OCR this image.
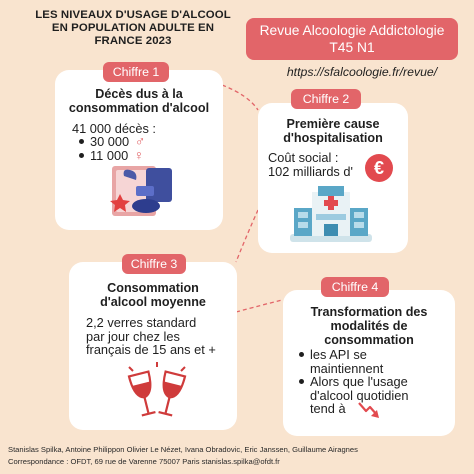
LES NIVEAUX D'USAGE D'ALCOOL
EN POPULATION ADULTE EN
FRANCE 2023
Revue Alcoologie Addictologie
T45 N1
https://sfalcoologie.fr/revue/
Chiffre 1
Décès dus à la
consommation d'alcool
41 000 décès :
30 000 ♂
11 000 ♀
Chiffre 2
Première cause
d'hospitalisation
Coût social :
102 milliards d' €
Chiffre 3
Consommation
d'alcool moyenne
2,2 verres standard
par jour chez les
français de 15 ans et +
Chiffre 4
Transformation des
modalités de
consommation
les API se
maintiennent
Alors que l'usage
d'alcool quotidien
tend à
Stanislas Spilka, Antoine Philippon Olivier Le Nézet, Ivana Obradovic, Eric Janssen, Guillaume Airagnes
Correspondance : OFDT, 69 rue de Varenne 75007 Paris stanislas.spilka@ofdt.fr
